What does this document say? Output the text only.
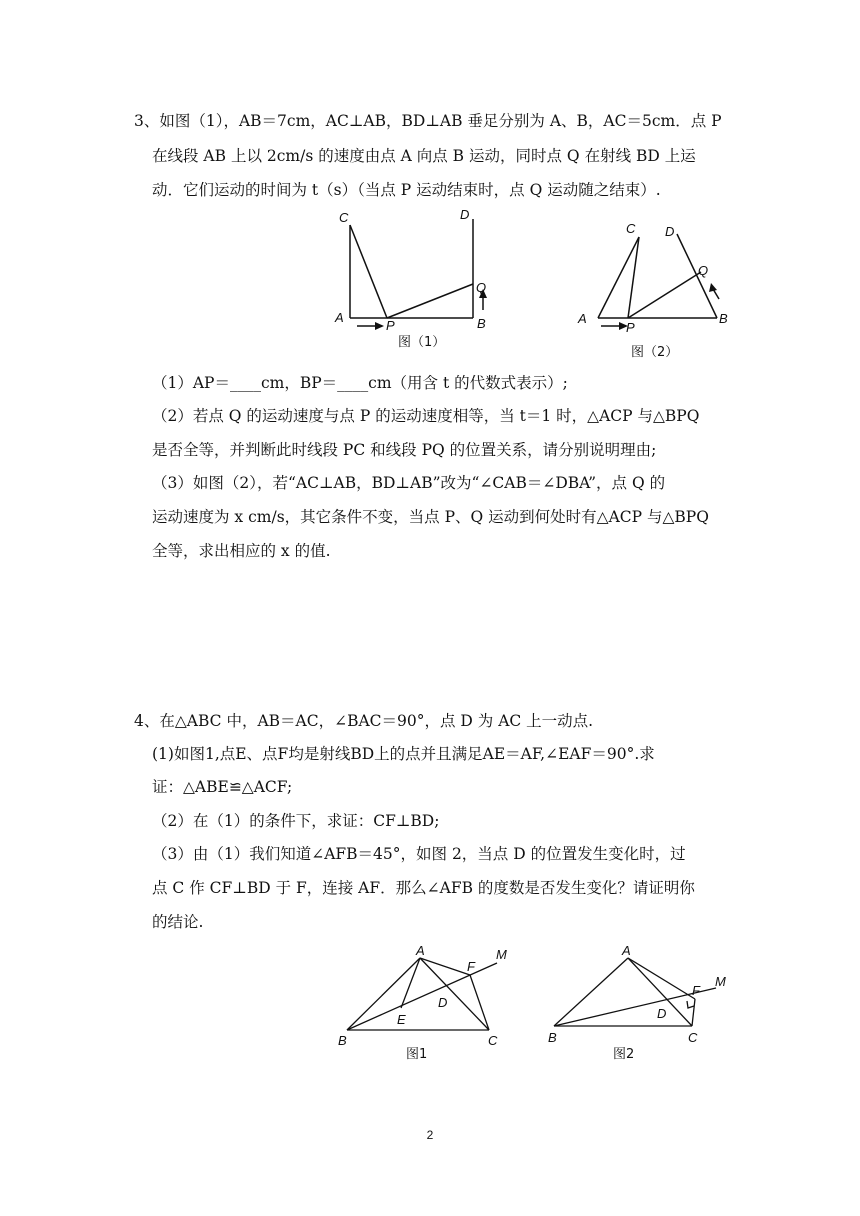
3、如图（1），AB＝7cm，AC⊥AB，BD⊥AB 垂足分别为 A、B，AC＝5cm．点 P
在线段 AB 上以 2cm/s 的速度由点 A 向点 B 运动，同时点 Q 在射线 BD 上运
动．它们运动的时间为 t（s）（当点 P 运动结束时，点 Q 运动随之结束）.
C	D
A
P	B
Q
图（1）
C D
A
P
B
Q
图（2）
（1）AP＝____cm，BP＝____cm（用含 t 的代数式表示）;
（2）若点 Q 的运动速度与点 P 的运动速度相等，当 t＝1 时，△ACP 与△BPQ
是否全等，并判断此时线段 PC 和线段 PQ 的位置关系，请分别说明理由;
（3）如图（2），若“AC⊥AB，BD⊥AB”改为“∠CAB＝∠DBA”，点 Q 的
运动速度为 x cm/s，其它条件不变，当点 P、Q 运动到何处时有△ACP 与△BPQ
全等，求出相应的 x 的值.
4、在△ABC 中，AB＝AC，∠BAC＝90°，点 D 为 AC 上一动点.
(1)如图1,点E、点F均是射线BD上的点并且满足AE＝AF,∠EAF＝90°.求
证：△ABE≌△ACF;
（2）在（1）的条件下，求证：CF⊥BD;
（3）由（1）我们知道∠AFB＝45°，如图 2，当点 D 的位置发生变化时，过
点 C 作 CF⊥BD 于 F，连接 AF．那么∠AFB 的度数是否发生变化？请证明你
的结论.
A	M
F
D
E
B	C
图1
A
M
F
D
B	C
图2
2
